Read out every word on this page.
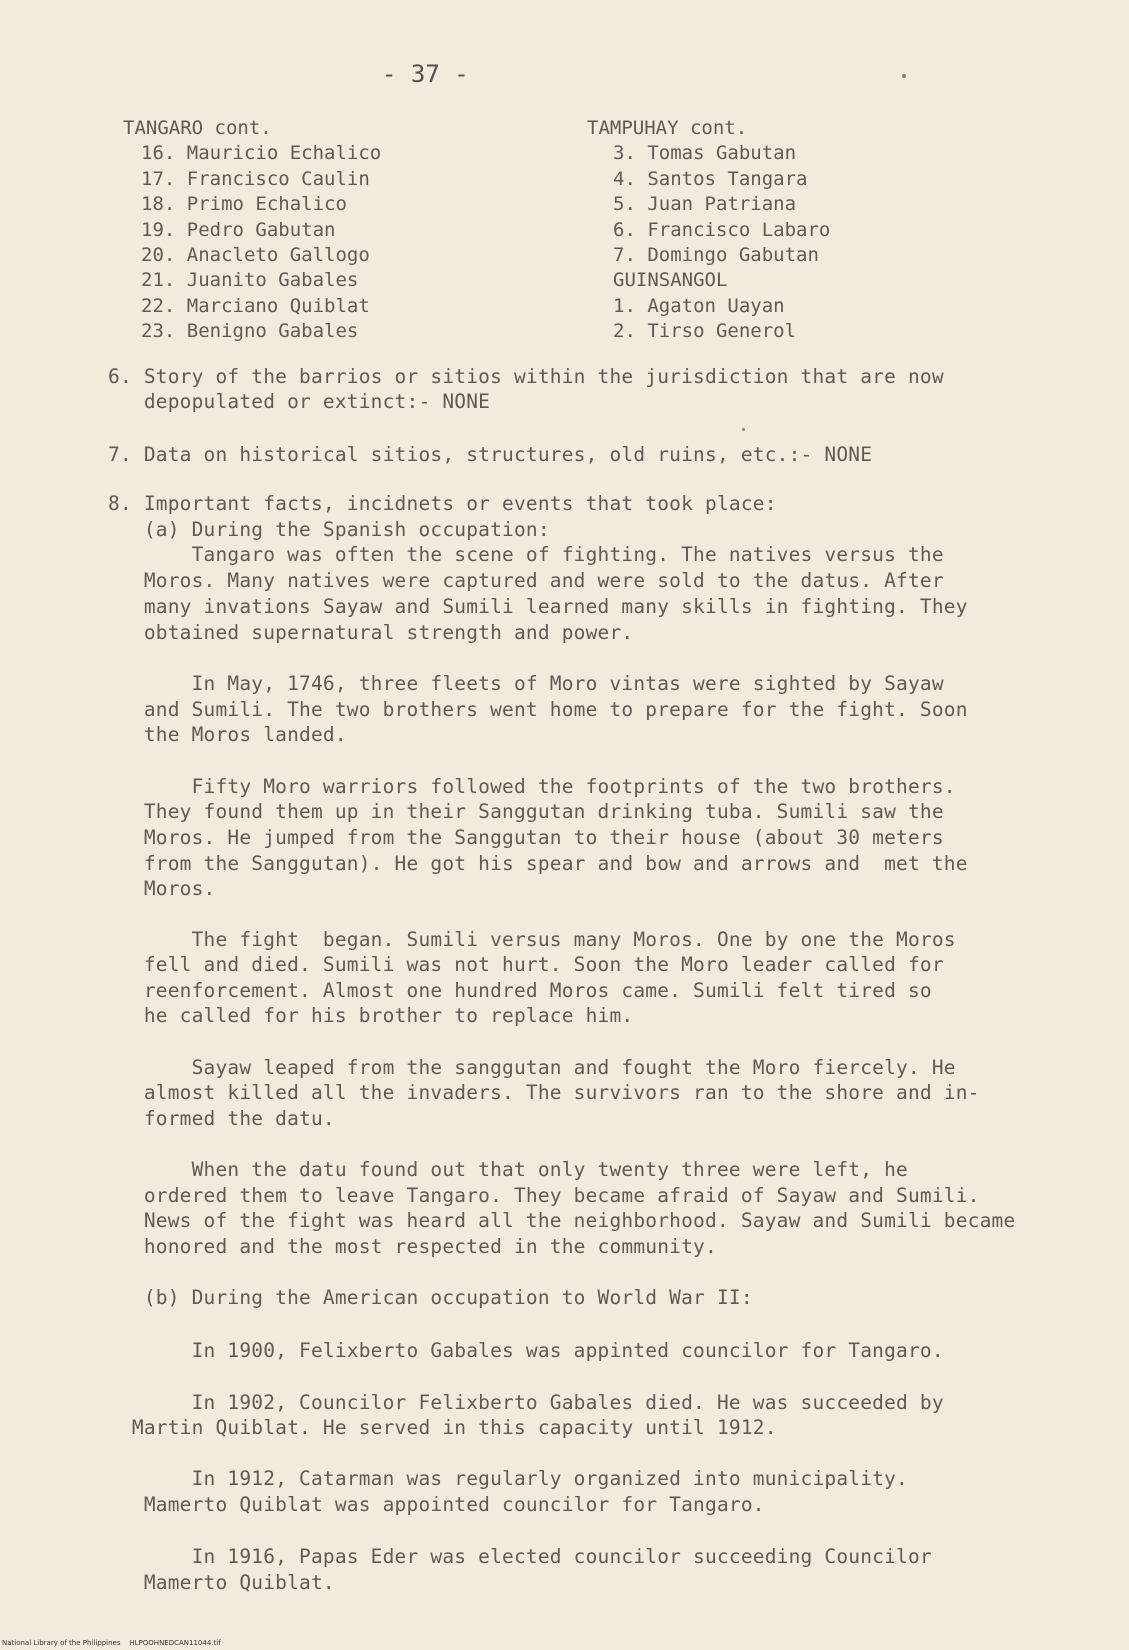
- 37 -
TANGARO cont.
16. Mauricio Echalico
17. Francisco Caulin
18. Primo Echalico
19. Pedro Gabutan
20. Anacleto Gallogo
21. Juanito Gabales
22. Marciano Quiblat
23. Benigno Gabales
TAMPUHAY cont.
3. Tomas Gabutan
4. Santos Tangara
5. Juan Patriana
6. Francisco Labaro
7. Domingo Gabutan
GUINSANGOL
1. Agaton Uayan
2. Tirso Generol
6. Story of the barrios or sitios within the jurisdiction that are now
depopulated or extinct:- NONE
7. Data on historical sitios, structures, old ruins, etc.:- NONE
8. Important facts, incidnets or events that took place:
(a) During the Spanish occupation:
Tangaro was often the scene of fighting. The natives versus the
Moros. Many natives were captured and were sold to the datus. After
many invations Sayaw and Sumili learned many skills in fighting. They
obtained supernatural strength and power.
In May, 1746, three fleets of Moro vintas were sighted by Sayaw
and Sumili. The two brothers went home to prepare for the fight. Soon
the Moros landed.
Fifty Moro warriors followed the footprints of the two brothers.
They found them up in their Sanggutan drinking tuba. Sumili saw the
Moros. He jumped from the Sanggutan to their house (about 30 meters
from the Sanggutan). He got his spear and bow and arrows and  met the
Moros.
The fight  began. Sumili versus many Moros. One by one the Moros
fell and died. Sumili was not hurt. Soon the Moro leader called for
reenforcement. Almost one hundred Moros came. Sumili felt tired so
he called for his brother to replace him.
Sayaw leaped from the sanggutan and fought the Moro fiercely. He
almost killed all the invaders. The survivors ran to the shore and in-
formed the datu.
When the datu found out that only twenty three were left, he
ordered them to leave Tangaro. They became afraid of Sayaw and Sumili.
News of the fight was heard all the neighborhood. Sayaw and Sumili became
honored and the most respected in the community.
(b) During the American occupation to World War II:
In 1900, Felixberto Gabales was appinted councilor for Tangaro.
In 1902, Councilor Felixberto Gabales died. He was succeeded by
Martin Quiblat. He served in this capacity until 1912.
In 1912, Catarman was regularly organized into municipality.
Mamerto Quiblat was appointed councilor for Tangaro.
In 1916, Papas Eder was elected councilor succeeding Councilor
Mamerto Quiblat.
National Library of the Philippines    HLPOOHNEDCAN11044.tif
